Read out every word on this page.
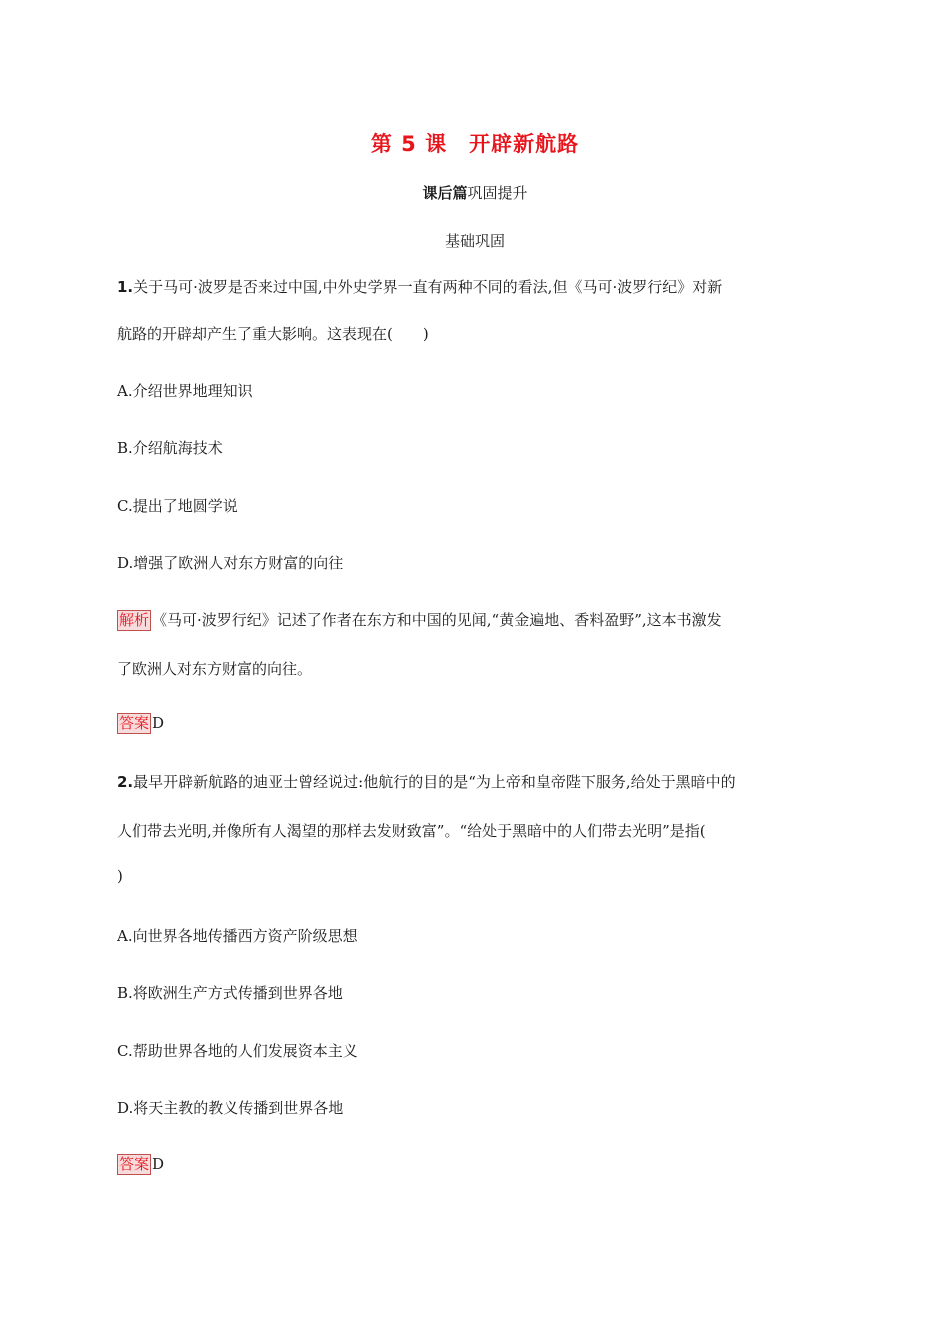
第 5 课　开辟新航路
课后篇巩固提升
基础巩固
1.关于马可·波罗是否来过中国,中外史学界一直有两种不同的看法,但《马可·波罗行纪》对新
航路的开辟却产生了重大影响。这表现在(　　)
A.介绍世界地理知识
B.介绍航海技术
C.提出了地圆学说
D.增强了欧洲人对东方财富的向往
解析 《马可·波罗行纪》记述了作者在东方和中国的见闻,“黄金遍地、香料盈野”,这本书激发
了欧洲人对东方财富的向往。
答案 D
2.最早开辟新航路的迪亚士曾经说过:他航行的目的是“为上帝和皇帝陛下服务,给处于黑暗中的
人们带去光明,并像所有人渴望的那样去发财致富”。“给处于黑暗中的人们带去光明”是指(
)
A.向世界各地传播西方资产阶级思想
B.将欧洲生产方式传播到世界各地
C.帮助世界各地的人们发展资本主义
D.将天主教的教义传播到世界各地
答案 D
